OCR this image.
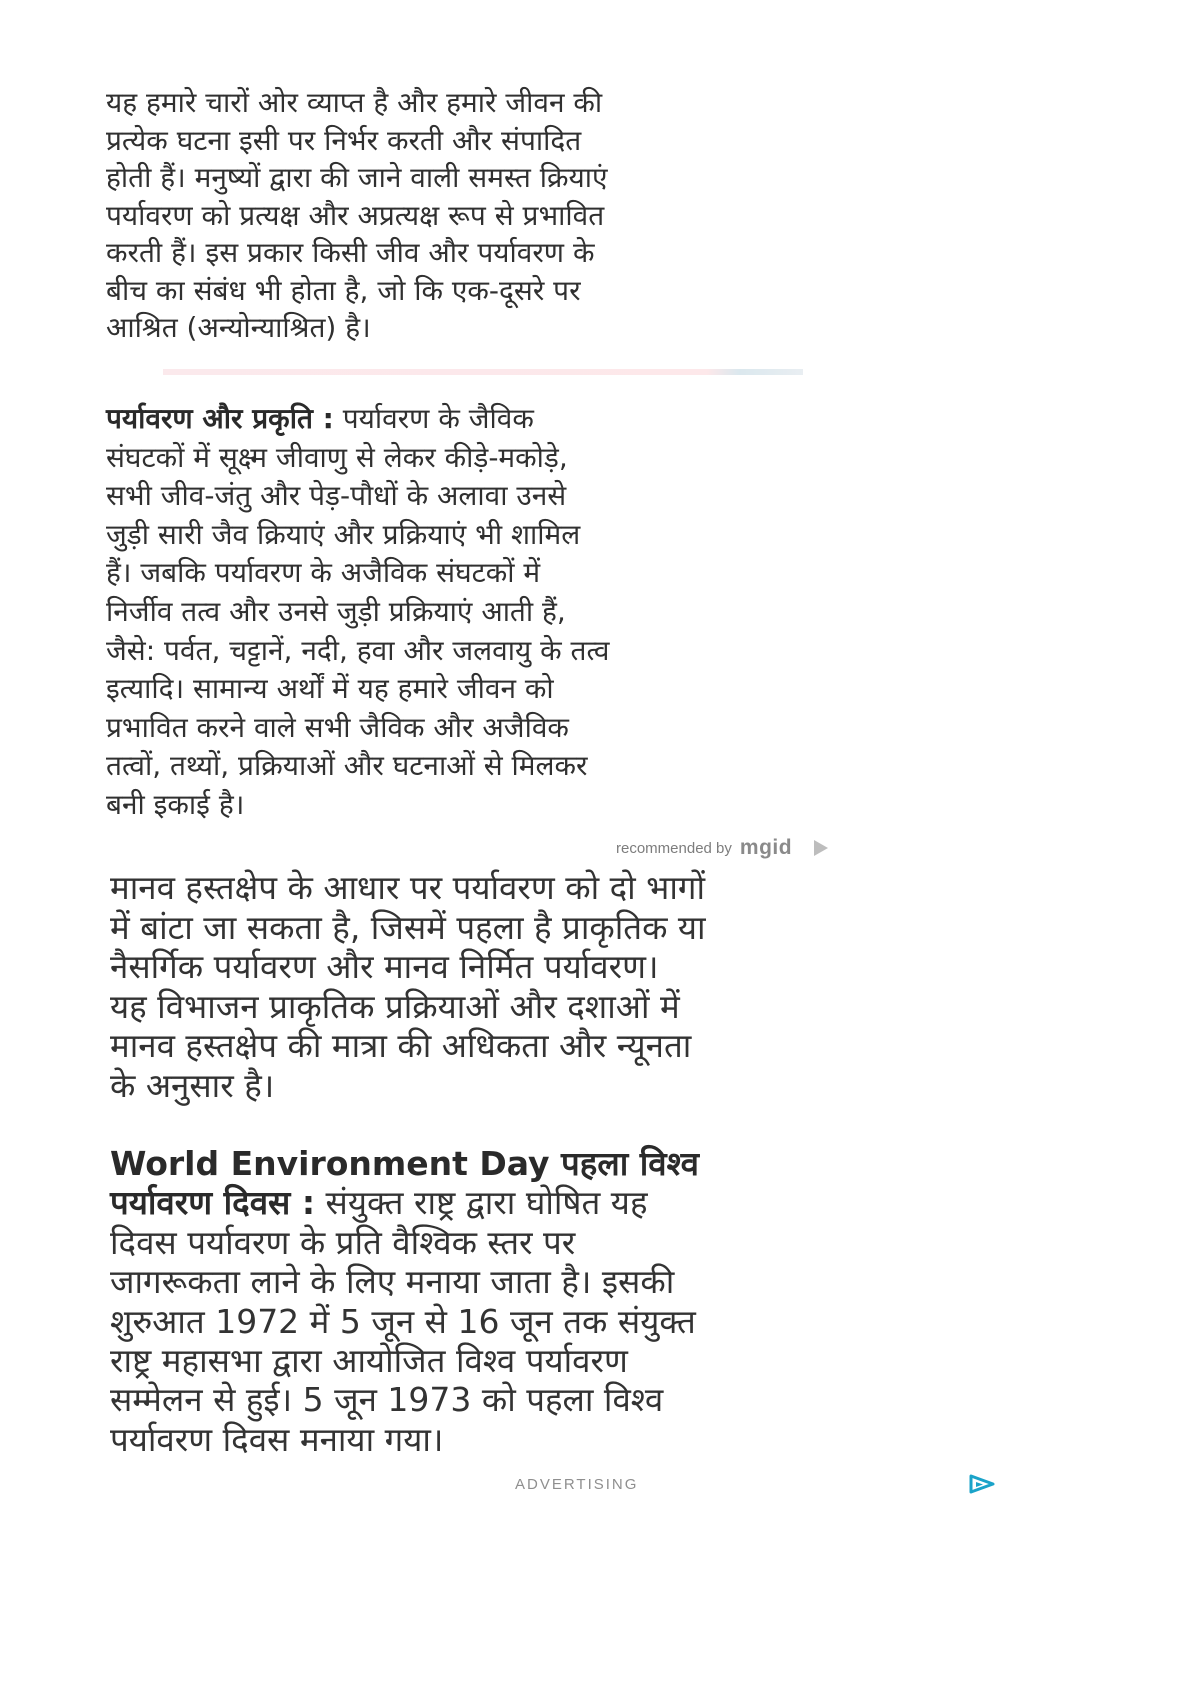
यह हमारे चारों ओर व्याप्त है और हमारे जीवन की
प्रत्येक घटना इसी पर निर्भर करती और संपादित
होती हैं। मनुष्यों द्वारा की जाने वाली समस्त क्रियाएं
पर्यावरण को प्रत्यक्ष और अप्रत्यक्ष रूप से प्रभावित
करती हैं। इस प्रकार किसी जीव और पर्यावरण के
बीच का संबंध भी होता है, जो कि एक-दूसरे पर
आश्रित (अन्योन्याश्रित) है।

पर्यावरण और प्रकृति : पर्यावरण के जैविक
संघटकों में सूक्ष्म जीवाणु से लेकर कीड़े-मकोड़े,
सभी जीव-जंतु और पेड़-पौधों के अलावा उनसे
जुड़ी सारी जैव क्रियाएं और प्रक्रियाएं भी शामिल
हैं। जबकि पर्यावरण के अजैविक संघटकों में
निर्जीव तत्व और उनसे जुड़ी प्रक्रियाएं आती हैं,
जैसे: पर्वत, चट्टानें, नदी, हवा और जलवायु के तत्व
इत्यादि। सामान्य अर्थों में यह हमारे जीवन को
प्रभावित करने वाले सभी जैविक और अजैविक
तत्वों, तथ्यों, प्रक्रियाओं और घटनाओं से मिलकर
बनी इकाई है।

recommended by mgid

मानव हस्तक्षेप के आधार पर पर्यावरण को दो भागों
में बांटा जा सकता है, जिसमें पहला है प्राकृतिक या
नैसर्गिक पर्यावरण और मानव निर्मित पर्यावरण।
यह विभाजन प्राकृतिक प्रक्रियाओं और दशाओं में
मानव हस्तक्षेप की मात्रा की अधिकता और न्यूनता
के अनुसार है।

World Environment Day पहला विश्व
पर्यावरण दिवस : संयुक्त राष्ट्र द्वारा घोषित यह
दिवस पर्यावरण के प्रति वैश्विक स्तर पर
जागरूकता लाने के लिए मनाया जाता है। इसकी
शुरुआत 1972 में 5 जून से 16 जून तक संयुक्त
राष्ट्र महासभा द्वारा आयोजित विश्व पर्यावरण
सम्मेलन से हुई। 5 जून 1973 को पहला विश्व
पर्यावरण दिवस मनाया गया।

ADVERTISING
